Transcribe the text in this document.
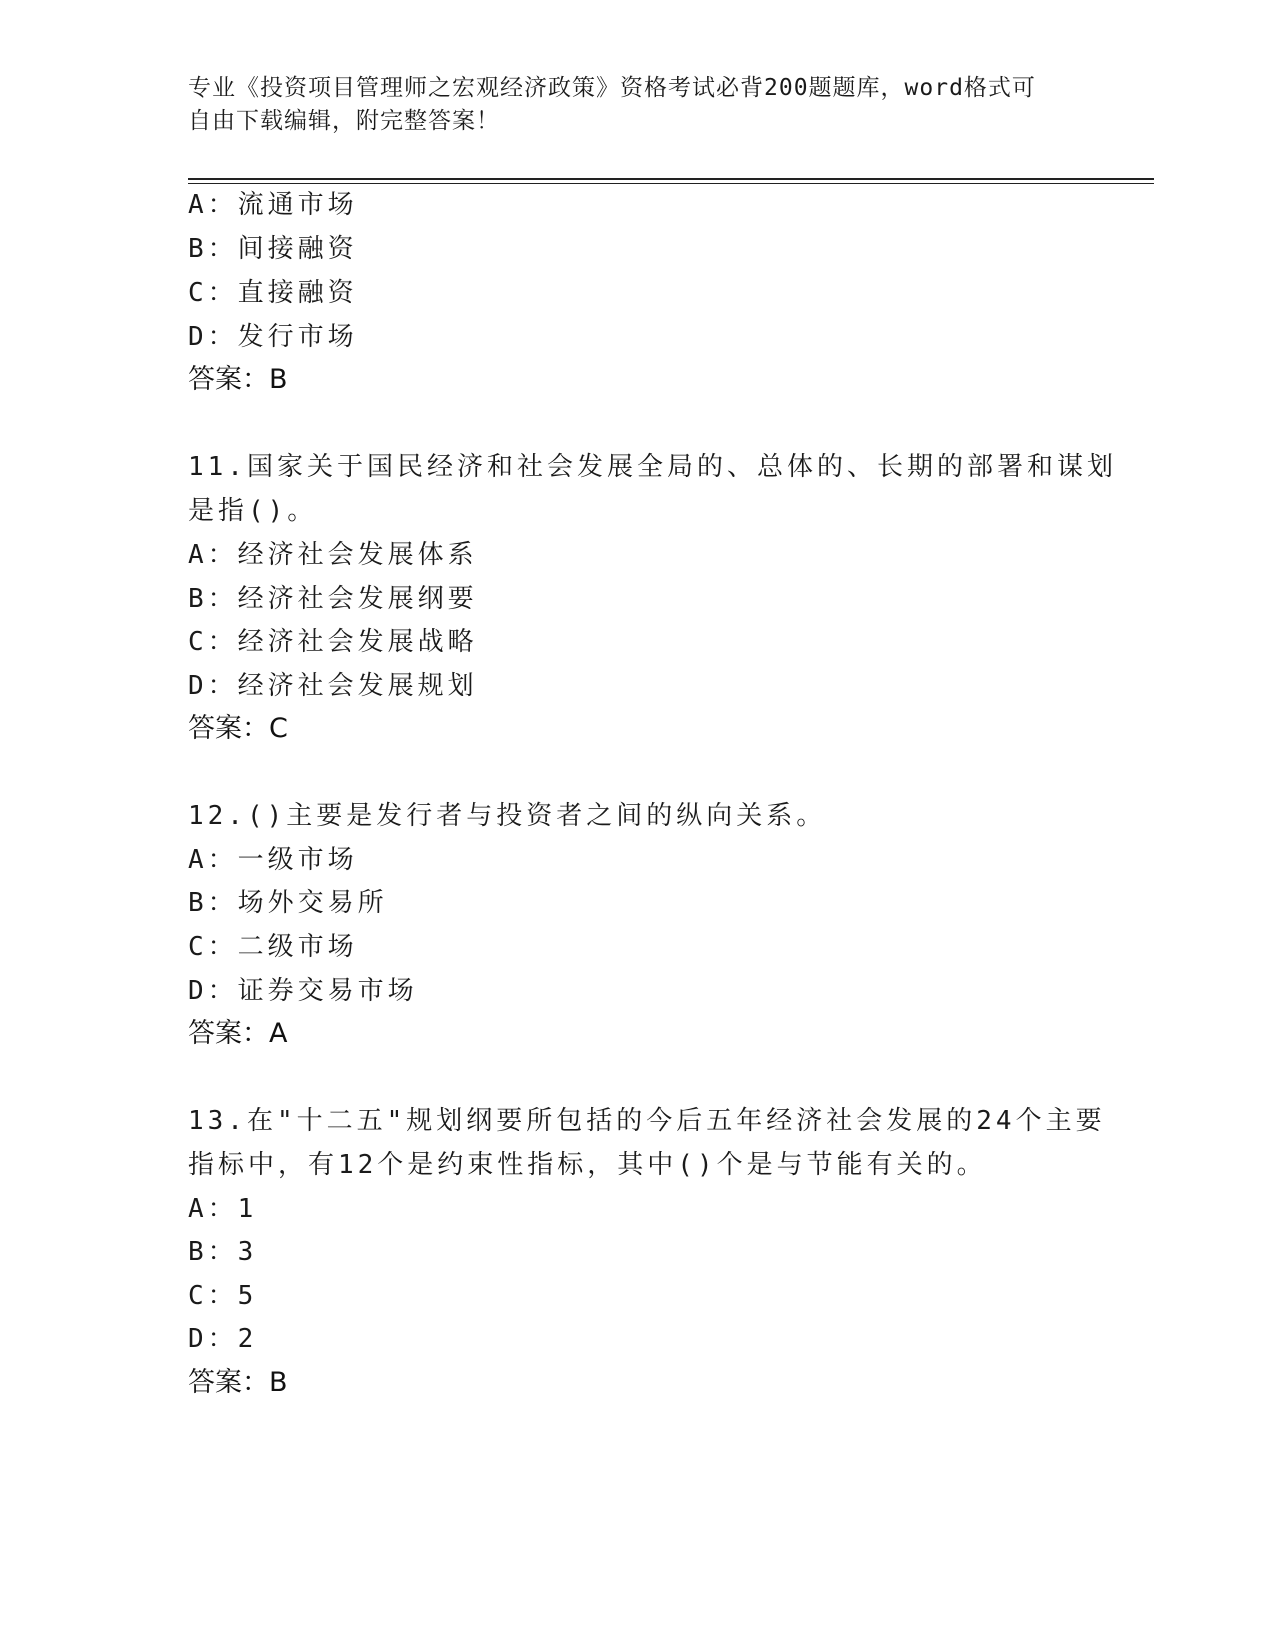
专业《投资项目管理师之宏观经济政策》资格考试必背200题题库，word格式可
自由下载编辑，附完整答案！
A：流通市场
B：间接融资
C：直接融资
D：发行市场
答案：B
11.国家关于国民经济和社会发展全局的、总体的、长期的部署和谋划
是指()。
A：经济社会发展体系
B：经济社会发展纲要
C：经济社会发展战略
D：经济社会发展规划
答案：C
12.()主要是发行者与投资者之间的纵向关系。
A：一级市场
B：场外交易所
C：二级市场
D：证券交易市场
答案：A
13.在"十二五"规划纲要所包括的今后五年经济社会发展的24个主要
指标中，有12个是约束性指标，其中()个是与节能有关的。
A：1
B：3
C：5
D：2
答案：B
